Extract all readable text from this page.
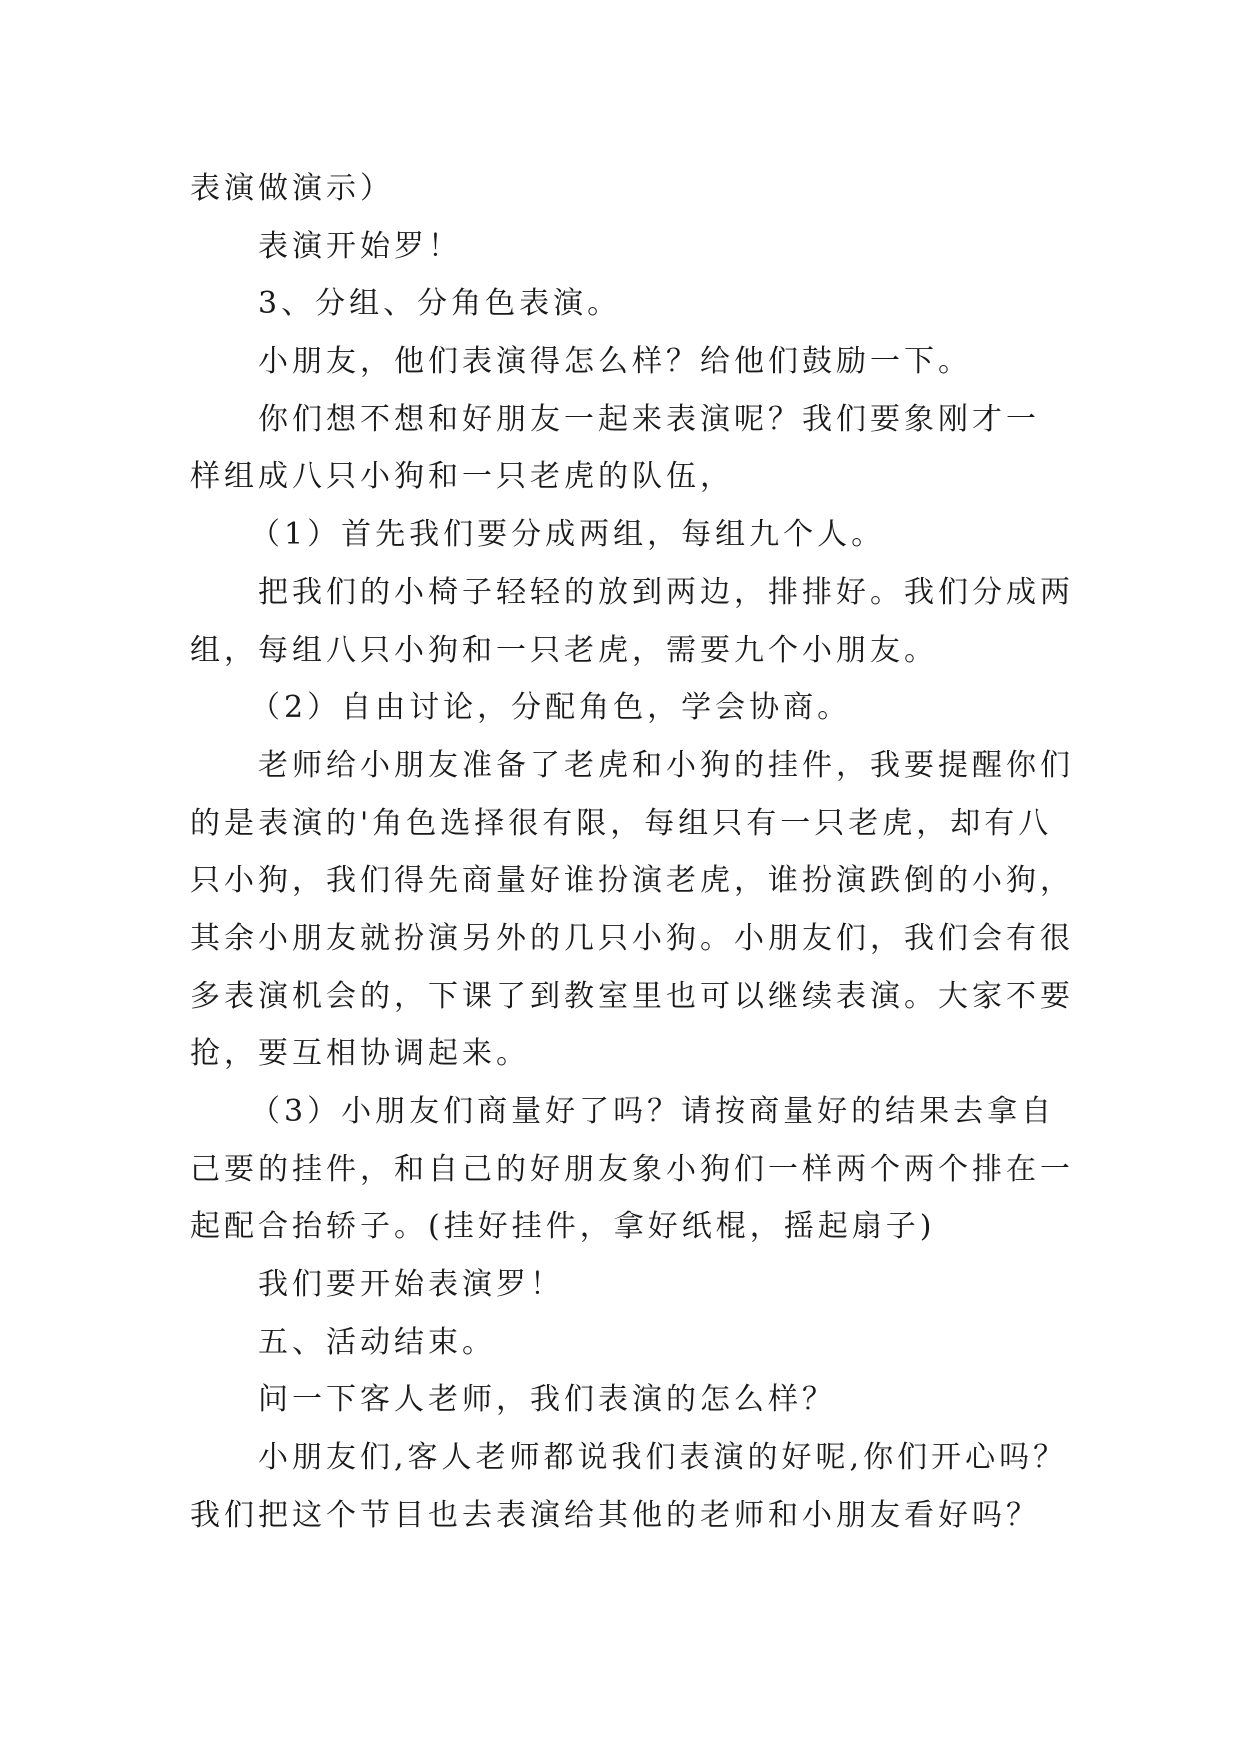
表演做演示）
表演开始罗！
3、分组、分角色表演。
小朋友，他们表演得怎么样？给他们鼓励一下。
你们想不想和好朋友一起来表演呢？我们要象刚才一
样组成八只小狗和一只老虎的队伍，
（1）首先我们要分成两组，每组九个人。
把我们的小椅子轻轻的放到两边，排排好。我们分成两
组，每组八只小狗和一只老虎，需要九个小朋友。
（2）自由讨论，分配角色，学会协商。
老师给小朋友准备了老虎和小狗的挂件，我要提醒你们
的是表演的'角色选择很有限，每组只有一只老虎，却有八
只小狗，我们得先商量好谁扮演老虎，谁扮演跌倒的小狗，
其余小朋友就扮演另外的几只小狗。小朋友们，我们会有很
多表演机会的，下课了到教室里也可以继续表演。大家不要
抢，要互相协调起来。
（3）小朋友们商量好了吗？请按商量好的结果去拿自
己要的挂件，和自己的好朋友象小狗们一样两个两个排在一
起配合抬轿子。(挂好挂件，拿好纸棍，摇起扇子)
我们要开始表演罗！
五、活动结束。
问一下客人老师，我们表演的怎么样？
小朋友们,客人老师都说我们表演的好呢,你们开心吗？
我们把这个节目也去表演给其他的老师和小朋友看好吗？
